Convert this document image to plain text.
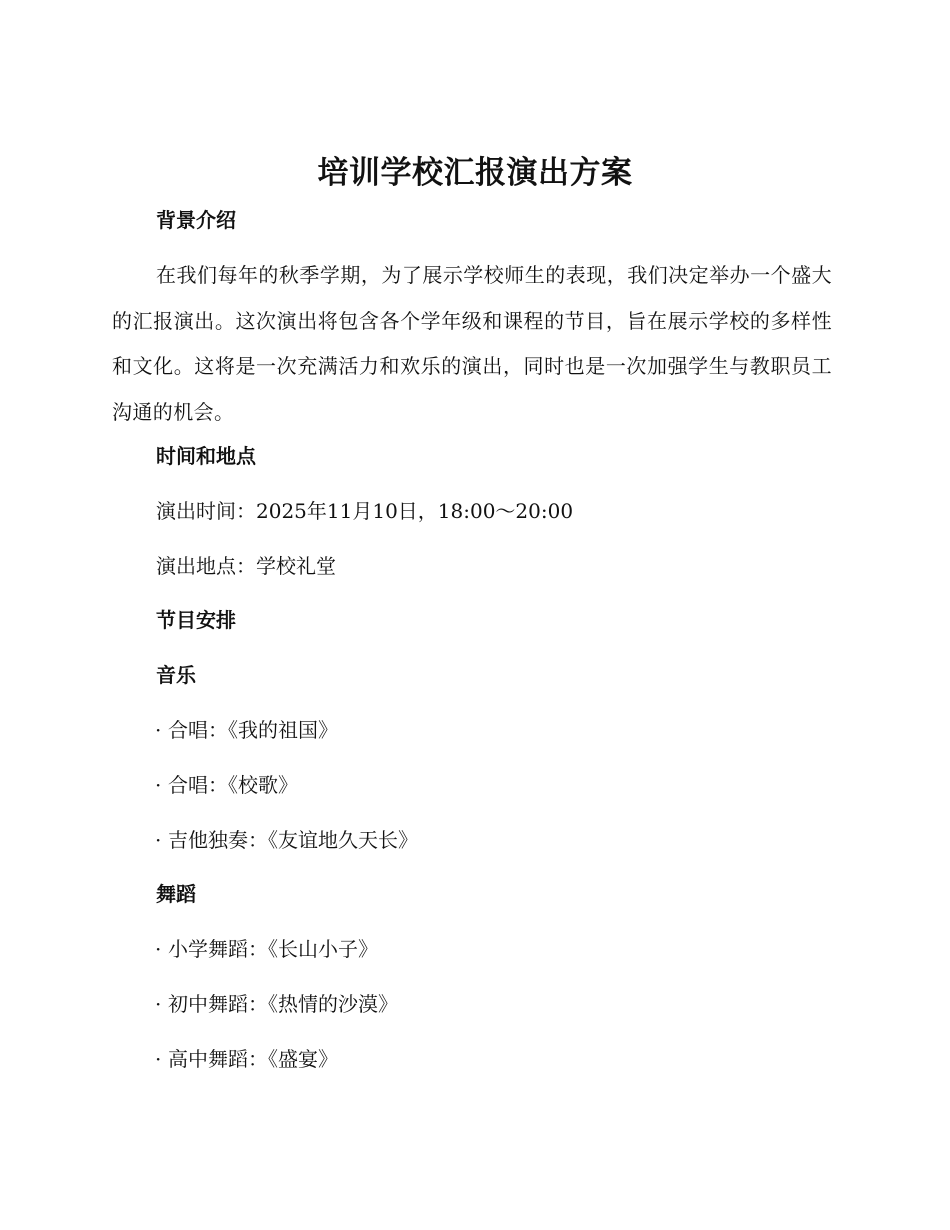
培训学校汇报演出方案
背景介绍

在我们每年的秋季学期，为了展示学校师生的表现，我们决定举办一个盛大的汇报演出。这次演出将包含各个学年级和课程的节目，旨在展示学校的多样性和文化。这将是一次充满活力和欢乐的演出，同时也是一次加强学生与教职员工沟通的机会。

时间和地点

演出时间：2025年11月10日，18:00～20:00

演出地点：学校礼堂

节目安排
音乐

· 合唱：《我的祖国》

· 合唱：《校歌》

· 吉他独奏：《友谊地久天长》

舞蹈

· 小学舞蹈：《长山小子》

· 初中舞蹈：《热情的沙漠》

· 高中舞蹈：《盛宴》
